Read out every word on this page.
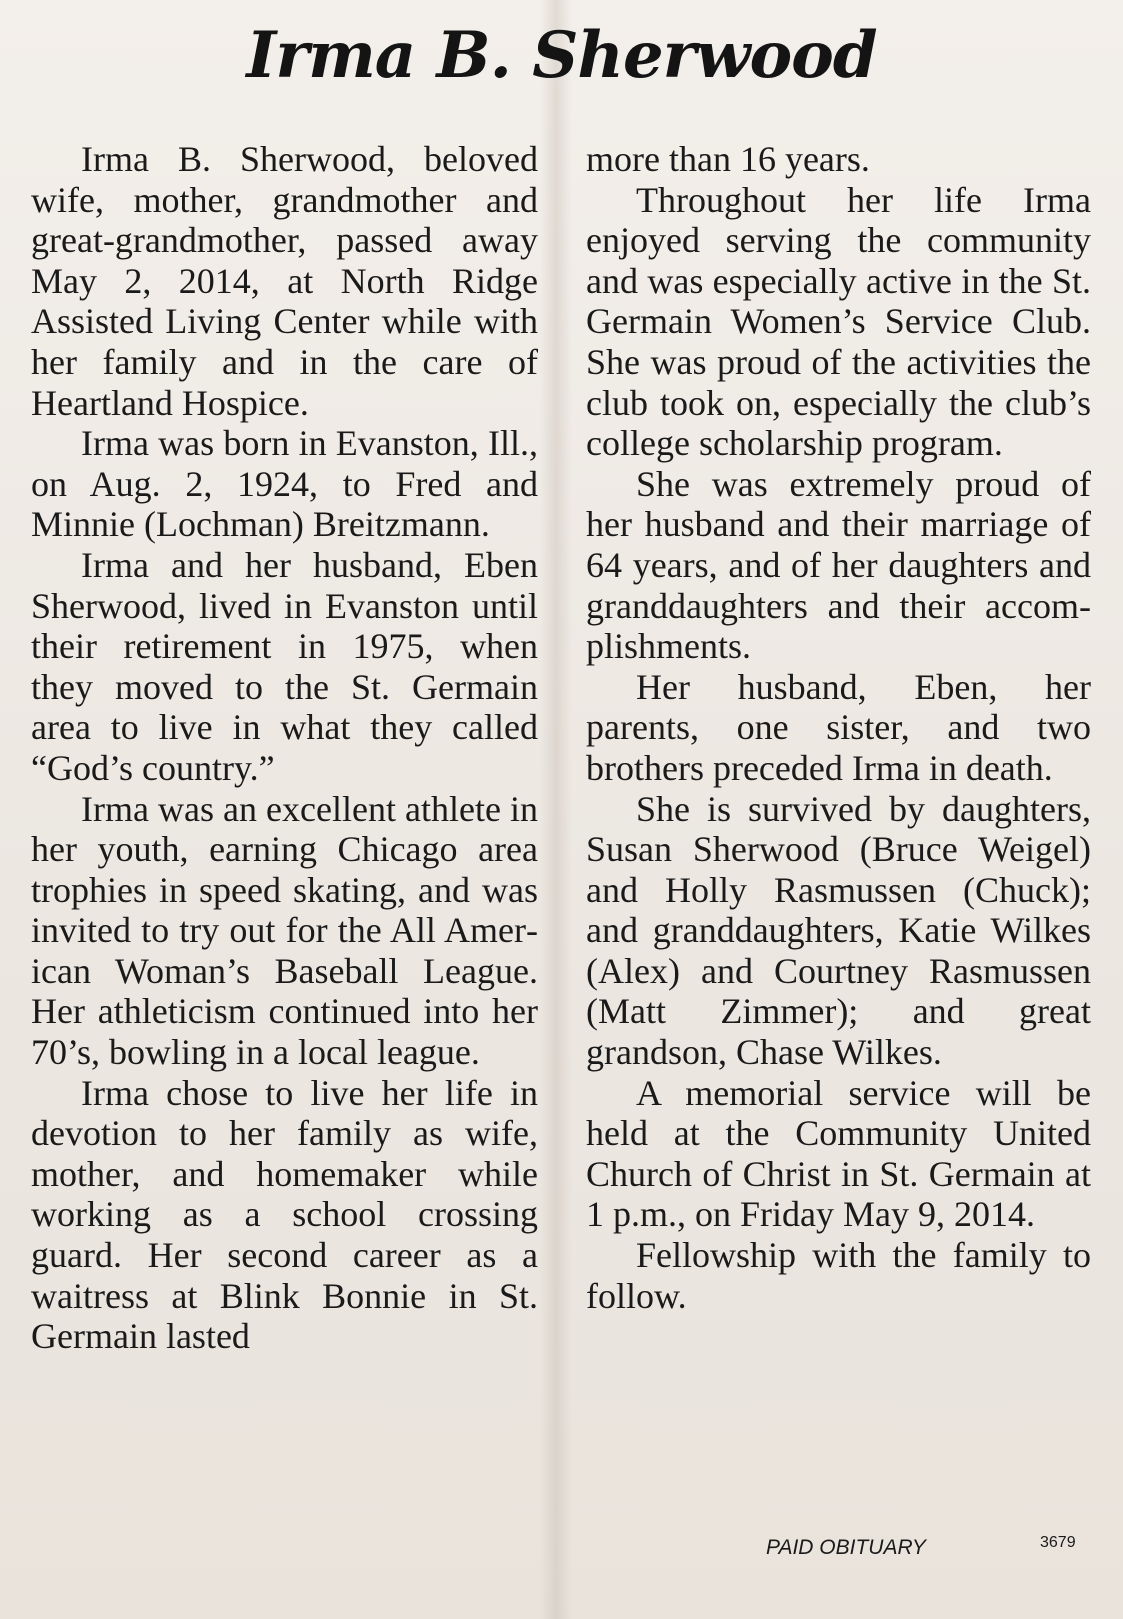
Irma B. Sherwood

Irma B. Sherwood, beloved wife, mother, grandmother and great-grandmother, passed away May 2, 2014, at North Ridge Assisted Living Center while with her family and in the care of Heartland Hospice.

Irma was born in Evanston, Ill., on Aug. 2, 1924, to Fred and Minnie (Lochman) Breitzmann.

Irma and her husband, Eben Sherwood, lived in Evanston until their retirement in 1975, when they moved to the St. Germain area to live in what they called “God’s country.”

Irma was an excellent athlete in her youth, earning Chicago area trophies in speed skating, and was invited to try out for the All American Woman’s Baseball League. Her athleticism continued into her 70’s, bowling in a local league.

Irma chose to live her life in devotion to her family as wife, mother, and homemaker while working as a school crossing guard. Her second career as a waitress at Blink Bonnie in St. Germain lasted

more than 16 years.

Throughout her life Irma enjoyed serving the community and was especially active in the St. Germain Women’s Service Club. She was proud of the activities the club took on, especially the club’s college scholarship program.

She was extremely proud of her husband and their marriage of 64 years, and of her daughters and granddaughters and their accomplishments.

Her husband, Eben, her parents, one sister, and two brothers preceded Irma in death.

She is survived by daughters, Susan Sherwood (Bruce Weigel) and Holly Rasmussen (Chuck); and granddaughters, Katie Wilkes (Alex) and Courtney Rasmussen (Matt Zimmer); and great grandson, Chase Wilkes.

A memorial service will be held at the Community United Church of Christ in St. Germain at 1 p.m., on Friday May 9, 2014.

Fellowship with the family to follow.

PAID OBITUARY	3679
